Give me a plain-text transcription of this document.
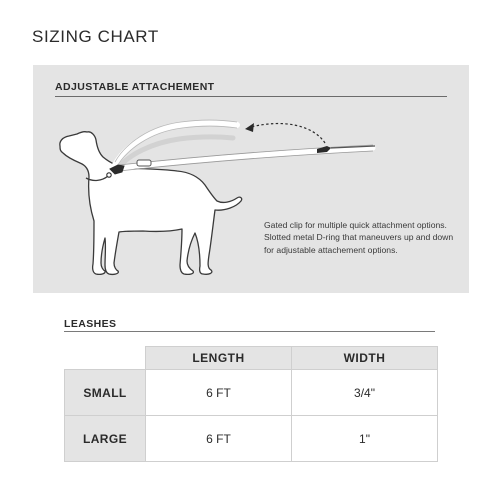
SIZING CHART
ADJUSTABLE ATTACHEMENT
Gated clip for multiple quick attachment options.
Slotted metal D-ring that maneuvers up and down
for adjustable attachement options.
LEASHES
	LENGTH	WIDTH
SMALL	6 FT	3/4"
LARGE	6 FT	1"
